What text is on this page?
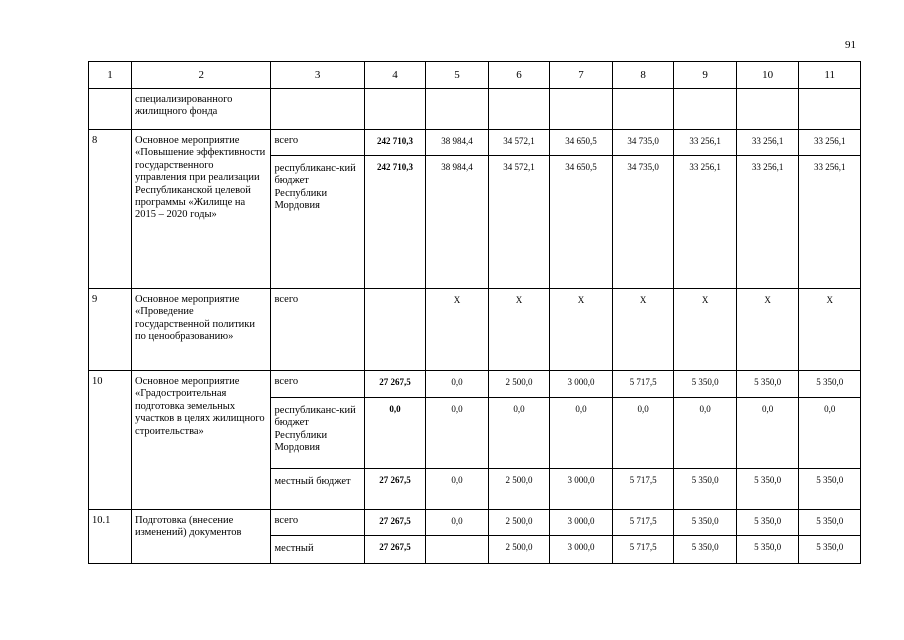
91
1	2	3	4	5	6	7	8	9	10	11
	специализированного жилищного фонда									
8	Основное мероприятие «Повышение эффективности государственного управления при реализации Республиканской целевой программы «Жилище на 2015 – 2020 годы»	всего	242 710,3	38 984,4	34 572,1	34 650,5	34 735,0	33 256,1	33 256,1	33 256,1
		республиканс-кий бюджет Республики Мордовия	242 710,3	38 984,4	34 572,1	34 650,5	34 735,0	33 256,1	33 256,1	33 256,1
9	Основное мероприятие «Проведение государственной политики по ценообразованию»	всего		Х	Х	Х	Х	Х	Х	Х
10	Основное мероприятие «Градостроительная подготовка земельных участков в целях жилищного строительства»	всего	27 267,5	0,0	2 500,0	3 000,0	5 717,5	5 350,0	5 350,0	5 350,0
		республиканс-кий бюджет Республики Мордовия	0,0	0,0	0,0	0,0	0,0	0,0	0,0	0,0
		местный бюджет	27 267,5	0,0	2 500,0	3 000,0	5 717,5	5 350,0	5 350,0	5 350,0
10.1	Подготовка (внесение изменений) документов	всего	27 267,5	0,0	2 500,0	3 000,0	5 717,5	5 350,0	5 350,0	5 350,0
		местный	27 267,5		2 500,0	3 000,0	5 717,5	5 350,0	5 350,0	5 350,0
